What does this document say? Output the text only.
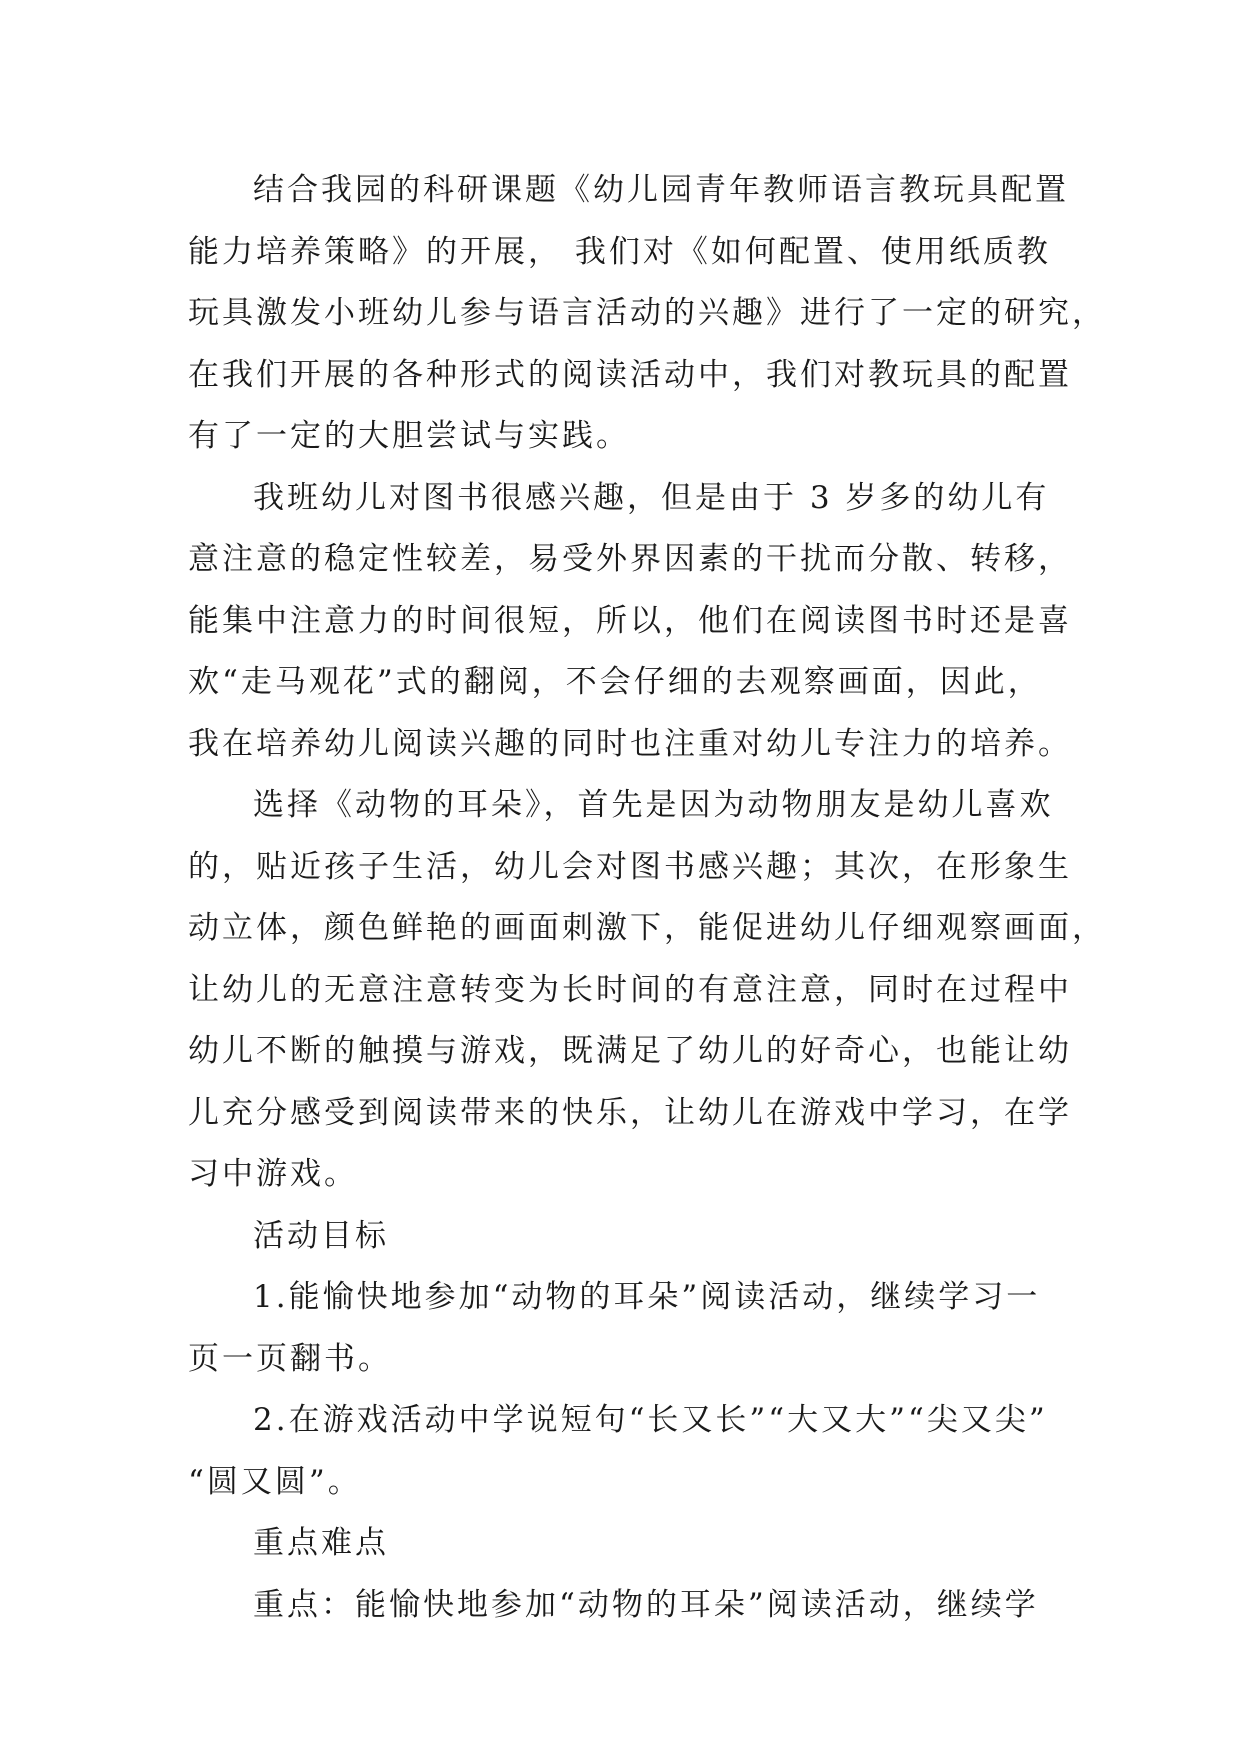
结合我园的科研课题《幼儿园青年教师语言教玩具配置
能力培养策略》的开展， 我们对《如何配置、使用纸质教
玩具激发小班幼儿参与语言活动的兴趣》进行了一定的研究，
在我们开展的各种形式的阅读活动中，我们对教玩具的配置
有了一定的大胆尝试与实践。
我班幼儿对图书很感兴趣，但是由于 3 岁多的幼儿有
意注意的稳定性较差，易受外界因素的干扰而分散、转移，
能集中注意力的时间很短，所以，他们在阅读图书时还是喜
欢“走马观花”式的翻阅，不会仔细的去观察画面，因此，
我在培养幼儿阅读兴趣的同时也注重对幼儿专注力的培养。
选择《动物的耳朵》，首先是因为动物朋友是幼儿喜欢
的，贴近孩子生活，幼儿会对图书感兴趣；其次，在形象生
动立体，颜色鲜艳的画面刺激下，能促进幼儿仔细观察画面，
让幼儿的无意注意转变为长时间的有意注意，同时在过程中
幼儿不断的触摸与游戏，既满足了幼儿的好奇心，也能让幼
儿充分感受到阅读带来的快乐，让幼儿在游戏中学习，在学
习中游戏。
活动目标
1.能愉快地参加“动物的耳朵”阅读活动，继续学习一
页一页翻书。
2.在游戏活动中学说短句“长又长”“大又大”“尖又尖”
“圆又圆”。
重点难点
重点：能愉快地参加“动物的耳朵”阅读活动，继续学
